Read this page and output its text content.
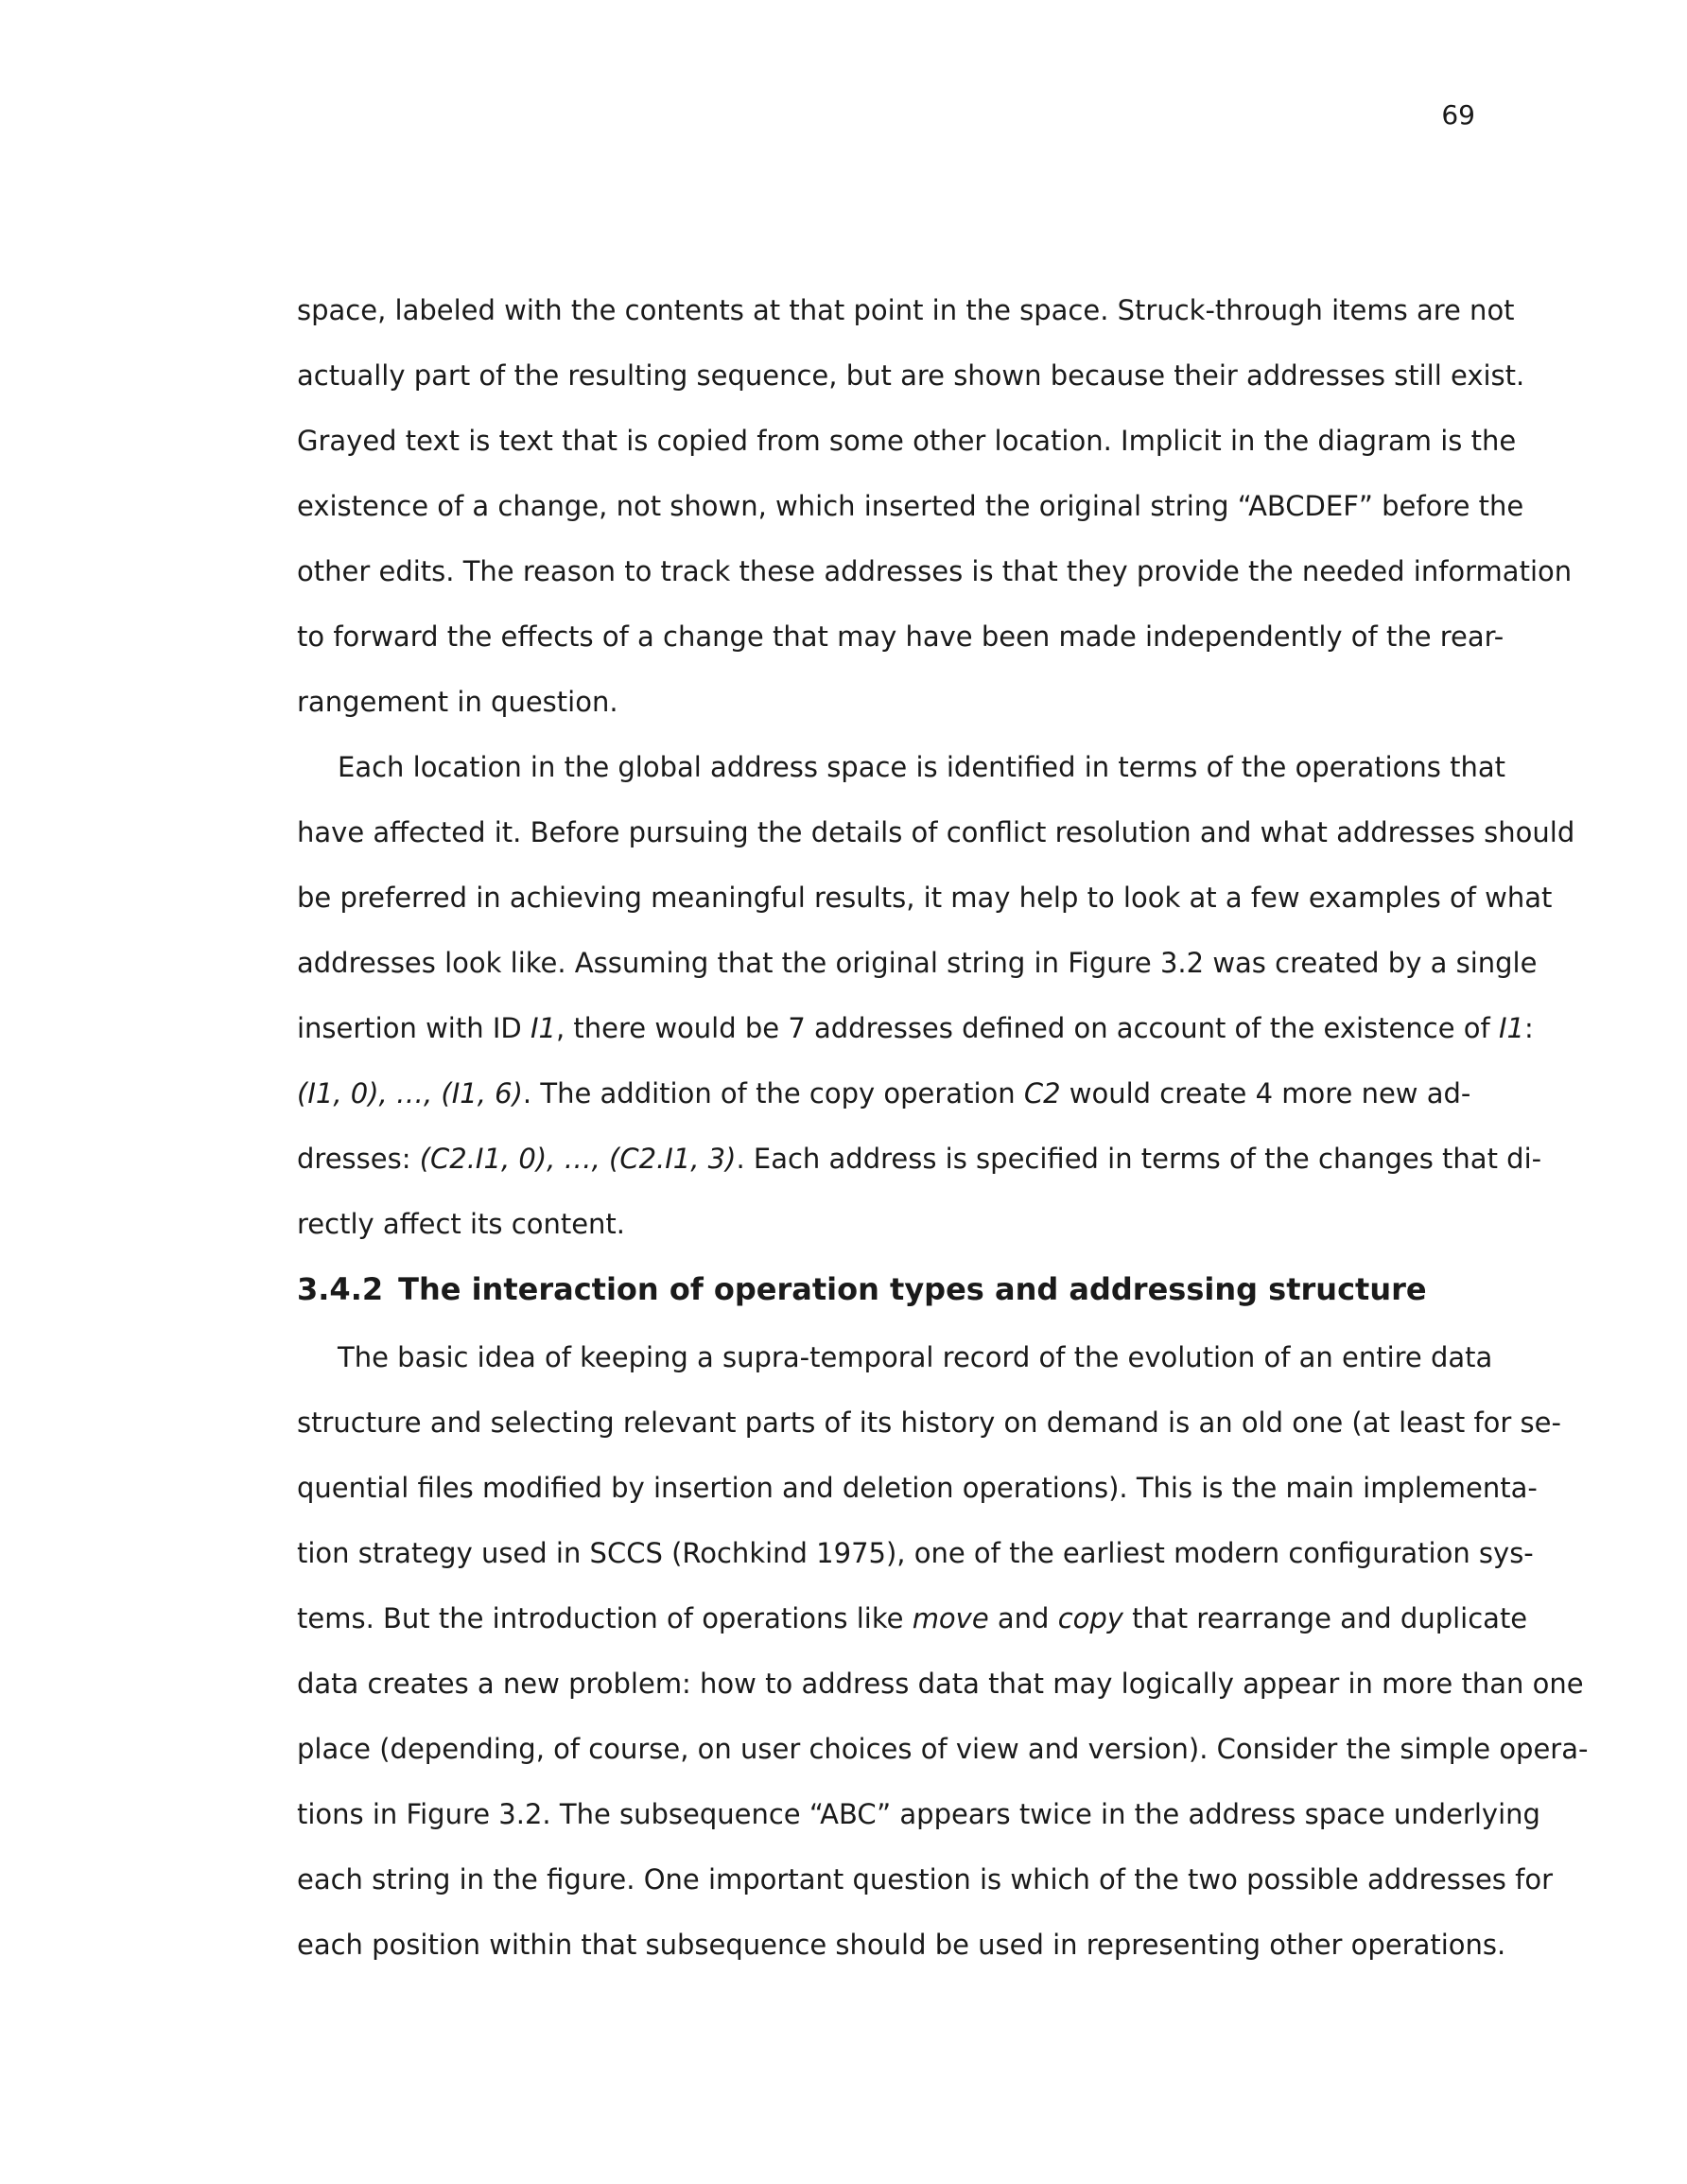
69
space, labeled with the contents at that point in the space. Struck-through items are not
actually part of the resulting sequence, but are shown because their addresses still exist.
Grayed text is text that is copied from some other location. Implicit in the diagram is the
existence of a change, not shown, which inserted the original string “ABCDEF” before the
other edits. The reason to track these addresses is that they provide the needed information
to forward the effects of a change that may have been made independently of the rear-
rangement in question.
Each location in the global address space is identified in terms of the operations that
have affected it. Before pursuing the details of conflict resolution and what addresses should
be preferred in achieving meaningful results, it may help to look at a few examples of what
addresses look like. Assuming that the original string in Figure 3.2 was created by a single
insertion with ID I1, there would be 7 addresses defined on account of the existence of I1:
(I1, 0), …, (I1, 6). The addition of the copy operation C2 would create 4 more new ad-
dresses: (C2.I1, 0), …, (C2.I1, 3). Each address is specified in terms of the changes that di-
rectly affect its content.
3.4.2 The interaction of operation types and addressing structure
The basic idea of keeping a supra-temporal record of the evolution of an entire data
structure and selecting relevant parts of its history on demand is an old one (at least for se-
quential files modified by insertion and deletion operations). This is the main implementa-
tion strategy used in SCCS (Rochkind 1975), one of the earliest modern configuration sys-
tems. But the introduction of operations like move and copy that rearrange and duplicate
data creates a new problem: how to address data that may logically appear in more than one
place (depending, of course, on user choices of view and version). Consider the simple opera-
tions in Figure 3.2. The subsequence “ABC” appears twice in the address space underlying
each string in the figure. One important question is which of the two possible addresses for
each position within that subsequence should be used in representing other operations.
